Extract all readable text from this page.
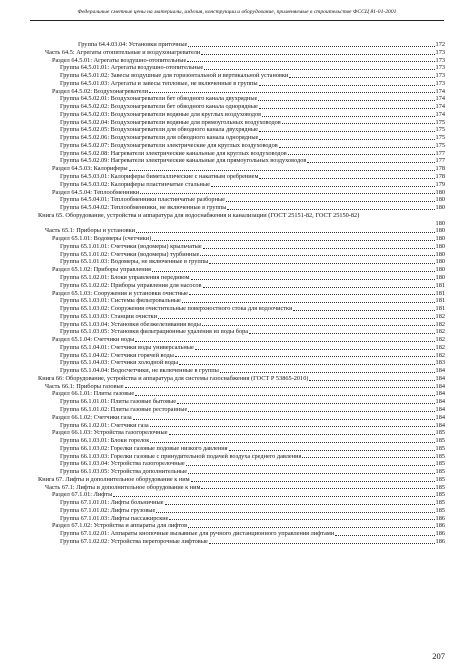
Федеральные сметные цены на материалы, изделия, конструкции и оборудование, применяемые в строительстве ФССЦ 81-01-2001
Группа 64.4.03.04: Установки приточные	172
Часть 64.5: Агрегаты отопительные и воздухонагреватели	173
Раздел 64.5.01: Агрегаты воздушно-отопительные	173
Группа 64.5.01.01: Агрегаты воздушно-отопительные	173
Группа 64.5.01.02: Завесы воздушные для горизонтальной и вертикальной установки	173
Группа 64.5.01.03: Агрегаты и завесы тепловые, не включенные в группы	173
Раздел 64.5.02: Воздухонагреватели	174
Группа 64.5.02.01: Воздухонагреватели бет обводного канала двухрядные	174
Группа 64.5.02.02: Воздухонагреватели бет обводного канала однорядные	174
Группа 64.5.02.03: Воздухонагреватели водяные для круглых воздуховодов	174
Группа 64.5.02.04: Воздухонагреватели водяные для прямоугольных воздуховодов	175
Группа 64.5.02.05: Воздухонагреватели для обводного канала двухрядные	175
Группа 64.5.02.06: Воздухонагреватели для обводного канала однорядные	175
Группа 64.5.02.07: Воздухонагреватели электрические для круглых воздуховодов	175
Группа 64.5.02.08: Нагреватели электрические канальные для круглых воздуховодов	177
Группа 64.5.02.09: Нагреватели электрические канальные для прямоугольных воздуховодов	177
Раздел 64.5.03: Калориферы	178
Группа 64.5.03.01: Калориферы биметаллические с накатным оребрением	178
Группа 64.5.03.02: Калориферы пластинчатые стальные	179
Раздел 64.5.04: Теплообменники	180
Группа 64.5.04.01: Теплообменники пластинчатые разборные	180
Группа 64.5.04.02: Теплообменники, не включенные в группы	180
Книга 65. Оборудование, устройства и аппаратура для водоснабжения и канализации (ГОСТ 25151-82, ГОСТ 25150-82)
180
Часть 65.1: Приборы и установки	180
Раздел 65.1.01: Водомеры (счетчики)	180
Группа 65.1.01.01: Счетчики (водомеры) крыльчатые	180
Группа 65.1.01.02: Счетчики (водомеры) турбинные	180
Группа 65.1.01.03: Водомеры, не включенные в группы	180
Раздел 65.1.02: Приборы управления	180
Группа 65.1.02.01: Блоки управления передивом	180
Группа 65.1.02.02: Приборы управления для насосов	181
Раздел 65.1.03: Сооружения и установки очистные	181
Группа 65.1.03.01: Системы фильтровальные	181
Группа 65.1.03.02: Сооружения очистительные поверхностного стока для водоочистки	181
Группа 65.1.03.03: Станции очистки	182
Группа 65.1.03.04: Установки обезжелезивания воды	182
Группа 65.1.03.05: Установки фильтрационные удаления из воды бора	182
Раздел 65.1.04: Счетчики воды	182
Группа 65.1.04.01: Счетчики воды универсальные	182
Группа 65.1.04.02: Счетчики горячей воды	182
Группа 65.1.04.03: Счетчики холодной воды	183
Группа 65.1.04.04: Водосчетчики, не включенные в группы	184
Книга 66: Оборудование, устройства и аппаратура для системы газоснабжения (ГОСТ Р 53865-2010)	184
Часть 66.1: Приборы газовые	184
Раздел 66.1.01: Плиты газовые	184
Группа 66.1.01.01: Плиты газовые бытовые	184
Группа 66.1.01.02: Плиты газовые ресторанные	184
Раздел 66.1.02: Счетчики газа	184
Группа 66.1.02.01: Счетчики газа	184
Раздел 66.1.03: Устройства газогорелочные	185
Группа 66.1.03.01: Блоки горелок	185
Группа 66.1.03.02: Горелки газовые подовые низкого давления	185
Группа 66.1.03.03: Горелки газовые с принудительной подачей воздуха среднего давления	185
Группа 66.1.03.04: Устройства газогорелочные	185
Группа 66.1.03.05: Устройства дополнительные	185
Книга 67. Лифты и дополнительное оборудование к ним	185
Часть 67.1: Лифты и дополнительное оборудование к ним	185
Раздел 67.1.01: Лифты	185
Группа 67.1.01.01: Лифты больничные	185
Группа 67.1.01.02: Лифты грузовые	185
Группа 67.1.01.03: Лифты пассажирские	186
Раздел 67.1.02: Устройства и аппараты для лифтов	186
Группа 67.1.02.01: Аппараты кнопочные вызывные для ручного дистанционного управления лифтами	186
Группа 67.1.02.02: Устройства перегорочные лифтовые	186
207
